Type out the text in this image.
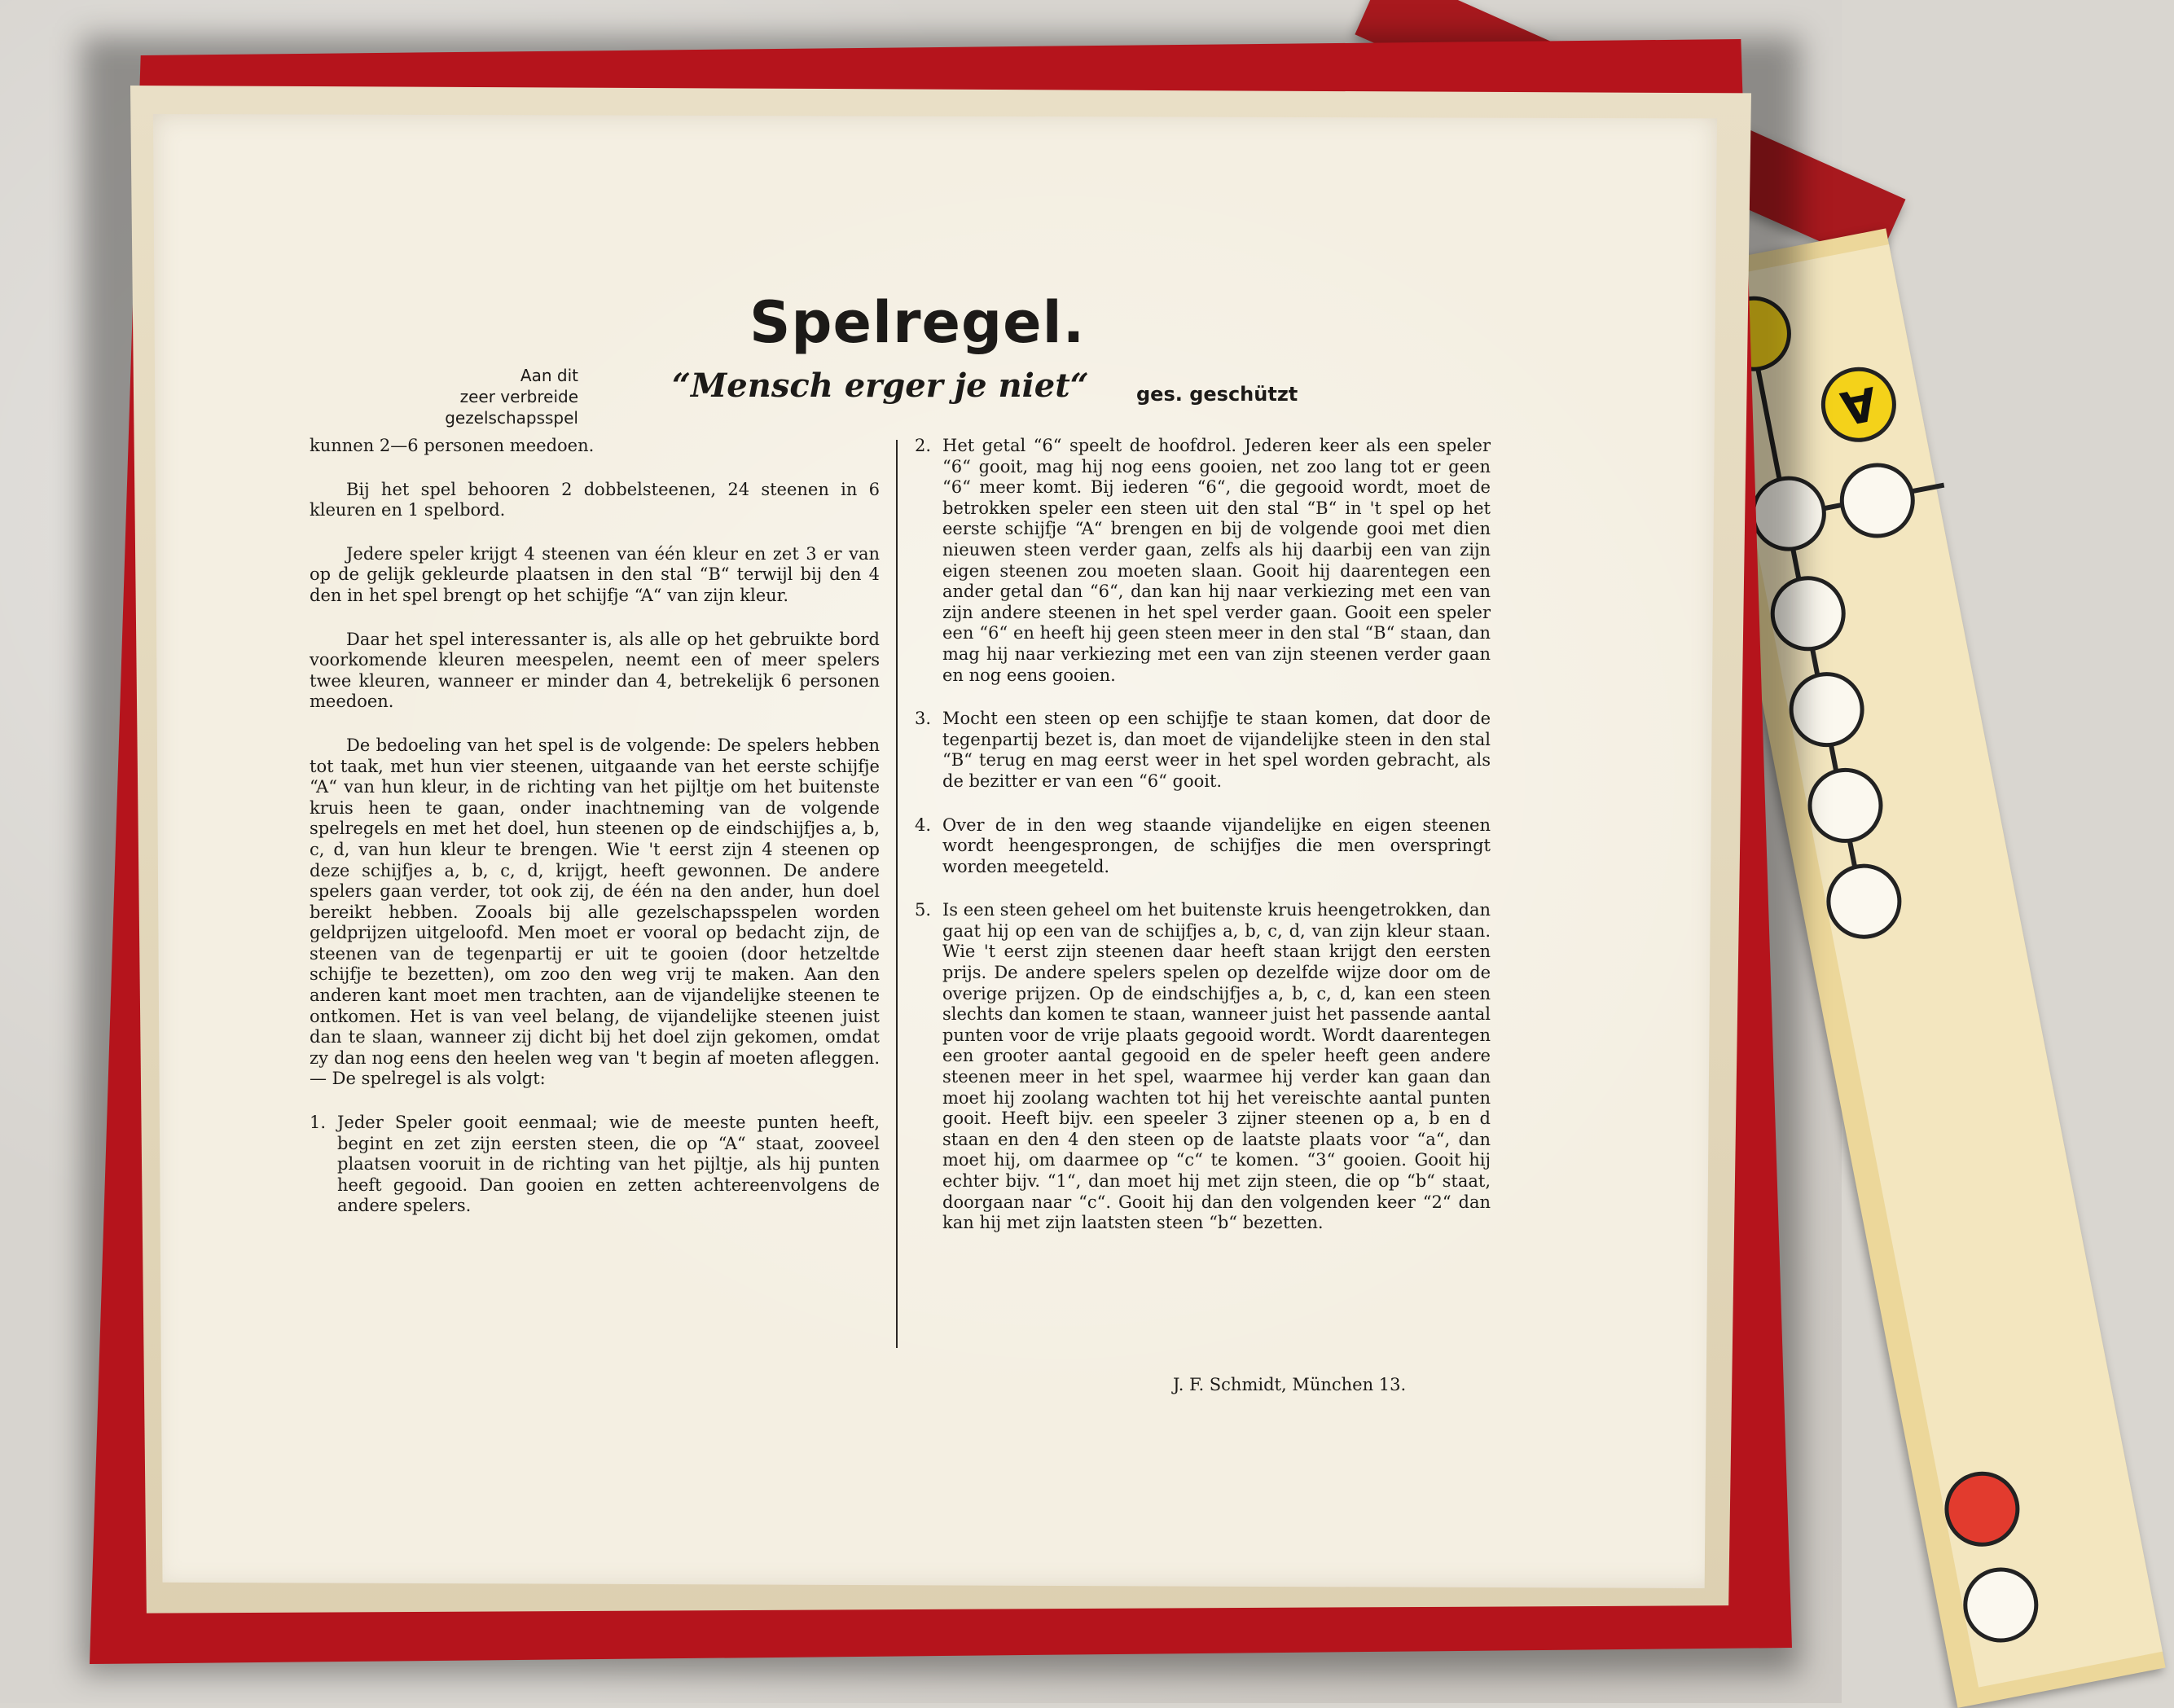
A
Spelregel.
Aan dit
zeer verbreide gezelschapsspel
“Mensch erger je niet“ ges. geschützt

kunnen 2—6 personen meedoen.

Bij het spel behooren 2 dobbelsteenen, 24 steenen in 6 kleuren en 1 spelbord.

Jedere speler krijgt 4 steenen van één kleur en zet 3 er van op de gelijk gekleurde plaatsen in den stal “B“ terwijl bij den 4 den in het spel brengt op het schijfje “A“ van zijn kleur.

Daar het spel interessanter is, als alle op het gebruikte bord voorkomende kleuren meespelen, neemt een of meer spelers twee kleuren, wanneer er minder dan 4, betrekelijk 6 personen meedoen.

De bedoeling van het spel is de volgende: De spelers hebben tot taak, met hun vier steenen, uitgaande van het eerste schijfje “A“ van hun kleur, in de richting van het pijltje om het buitenste kruis heen te gaan, onder inachtneming van de volgende spelregels en met het doel, hun steenen op de eindschijfjes a, b, c, d, van hun kleur te brengen. Wie 't eerst zijn 4 steenen op deze schijfjes a, b, c, d, krijgt, heeft gewonnen. De andere spelers gaan verder, tot ook zij, de één na den ander, hun doel bereikt hebben. Zooals bij alle gezelschapsspelen worden geldprijzen uitgeloofd. Men moet er vooral op bedacht zijn, de steenen van de tegenpartij er uit te gooien (door hetzeltde schijfje te bezetten), om zoo den weg vrij te maken. Aan den anderen kant moet men trachten, aan de vijandelijke steenen te ontkomen. Het is van veel belang, de vijandelijke steenen juist dan te slaan, wanneer zij dicht bij het doel zijn gekomen, omdat zy dan nog eens den heelen weg van 't begin af moeten afleggen. — De spelregel is als volgt:

1. Jeder Speler gooit eenmaal; wie de meeste punten heeft, begint en zet zijn eersten steen, die op “A“ staat, zooveel plaatsen vooruit in de richting van het pijltje, als hij punten heeft gegooid. Dan gooien en zetten achtereenvolgens de andere spelers.
2. Het getal “6“ speelt de hoofdrol. Jederen keer als een speler “6“ gooit, mag hij nog eens gooien, net zoo lang tot er geen “6“ meer komt. Bij iederen “6“, die gegooid wordt, moet de betrokken speler een steen uit den stal “B“ in 't spel op het eerste schijfje “A“ brengen en bij de volgende gooi met dien nieuwen steen verder gaan, zelfs als hij daarbij een van zijn eigen steenen zou moeten slaan. Gooit hij daarentegen een ander getal dan “6“, dan kan hij naar verkiezing met een van zijn andere steenen in het spel verder gaan. Gooit een speler een “6“ en heeft hij geen steen meer in den stal “B“ staan, dan mag hij naar verkiezing met een van zijn steenen verder gaan en nog eens gooien.
3. Mocht een steen op een schijfje te staan komen, dat door de tegenpartij bezet is, dan moet de vijandelijke steen in den stal “B“ terug en mag eerst weer in het spel worden gebracht, als de bezitter er van een “6“ gooit.
4. Over de in den weg staande vijandelijke en eigen steenen wordt heengesprongen, de schijfjes die men overspringt worden meegeteld.
5. Is een steen geheel om het buitenste kruis heengetrokken, dan gaat hij op een van de schijfjes a, b, c, d, van zijn kleur staan. Wie 't eerst zijn steenen daar heeft staan krijgt den eersten prijs. De andere spelers spelen op dezelfde wijze door om de overige prijzen. Op de eindschijfjes a, b, c, d, kan een steen slechts dan komen te staan, wanneer juist het passende aantal punten voor de vrije plaats gegooid wordt. Wordt daarentegen een grooter aantal gegooid en de speler heeft geen andere steenen meer in het spel, waarmee hij verder kan gaan dan moet hij zoolang wachten tot hij het vereischte aantal punten gooit. Heeft bijv. een speeler 3 zijner steenen op a, b en d staan en den 4 den steen op de laatste plaats voor “a“, dan moet hij, om daarmee op “c“ te komen. “3“ gooien. Gooit hij echter bijv. “1“, dan moet hij met zijn steen, die op “b“ staat, doorgaan naar “c“. Gooit hij dan den volgenden keer “2“ dan kan hij met zijn laatsten steen “b“ bezetten.
J. F. Schmidt, München 13.
